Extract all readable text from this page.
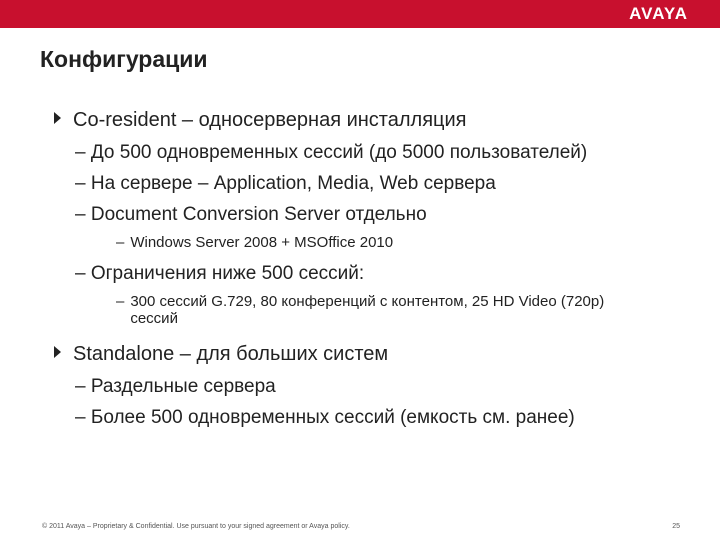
AVAYA
Конфигурации
Co-resident – односерверная инсталляция
– До 500 одновременных сессий (до 5000 пользователей)
– На сервере – Application, Media, Web сервера
– Document Conversion Server отдельно
– Windows Server 2008 + MSOffice 2010
– Ограничения ниже 500 сессий:
– 300 сессий G.729, 80 конференций с контентом, 25 HD Video (720p)
сессий
Standalone – для больших систем
– Раздельные сервера
– Более 500 одновременных сессий (емкость см. ранее)
© 2011 Avaya – Proprietary & Confidential. Use pursuant to your signed agreement or Avaya policy.	25
